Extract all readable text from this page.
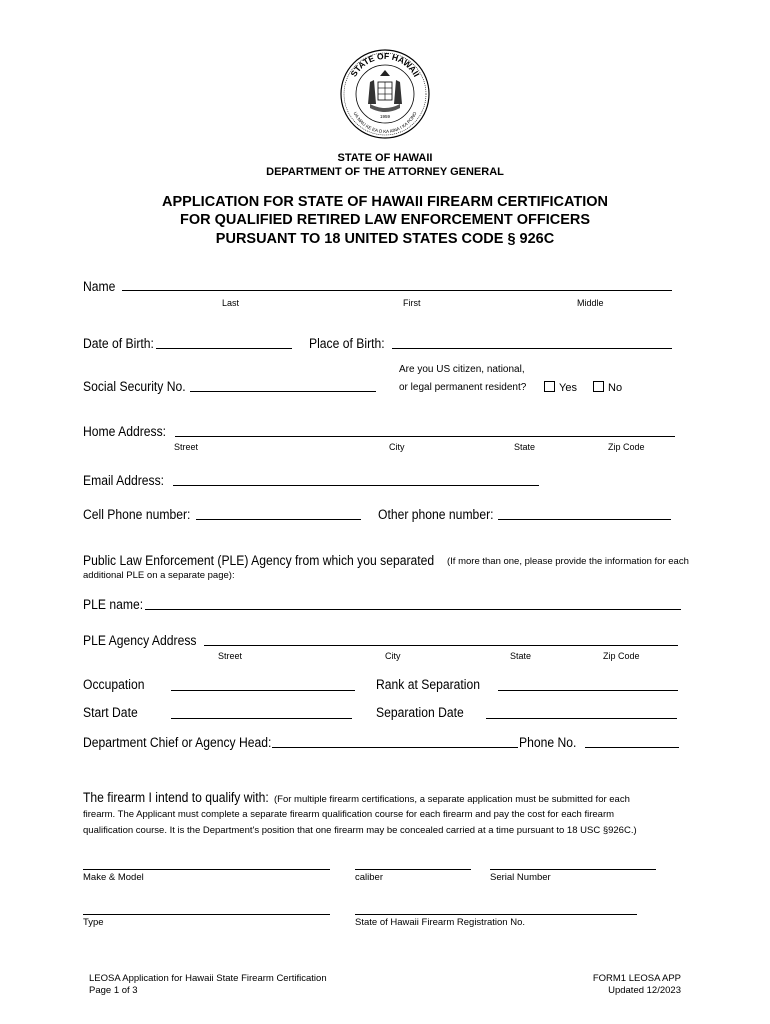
STATE OF HAWAII
UA MAU KE EA O KA AINA I KA PONO
1959
STATE OF HAWAII
DEPARTMENT OF THE ATTORNEY GENERAL
APPLICATION FOR STATE OF HAWAII FIREARM CERTIFICATION
FOR QUALIFIED RETIRED LAW ENFORCEMENT OFFICERS
PURSUANT TO 18 UNITED STATES CODE § 926C
Name
Last	First	Middle
Date of Birth:	Place of Birth:
Are you US citizen, national,
or legal permanent resident?	Yes	No
Social Security No.
Home Address:
Street	City	State	Zip Code
Email Address:
Cell Phone number:	Other phone number:
Public Law Enforcement (PLE) Agency from which you separated (If more than one, please provide the information for each
additional PLE on a separate page):
PLE name:
PLE Agency Address
Street	City	State	Zip Code
Occupation	Rank at Separation
Start Date	Separation Date
Department Chief or Agency Head:	Phone No.
The firearm I intend to qualify with: (For multiple firearm certifications, a separate application must be submitted for each
firearm. The Applicant must complete a separate firearm qualification course for each firearm and pay the cost for each firearm
qualification course. It is the Department's position that one firearm may be concealed carried at a time pursuant to 18 USC §926C.)
Make & Model	caliber	Serial Number
Type	State of Hawaii Firearm Registration No.
LEOSA Application for Hawaii State Firearm Certification
Page 1 of 3
FORM1 LEOSA APP
Updated 12/2023
